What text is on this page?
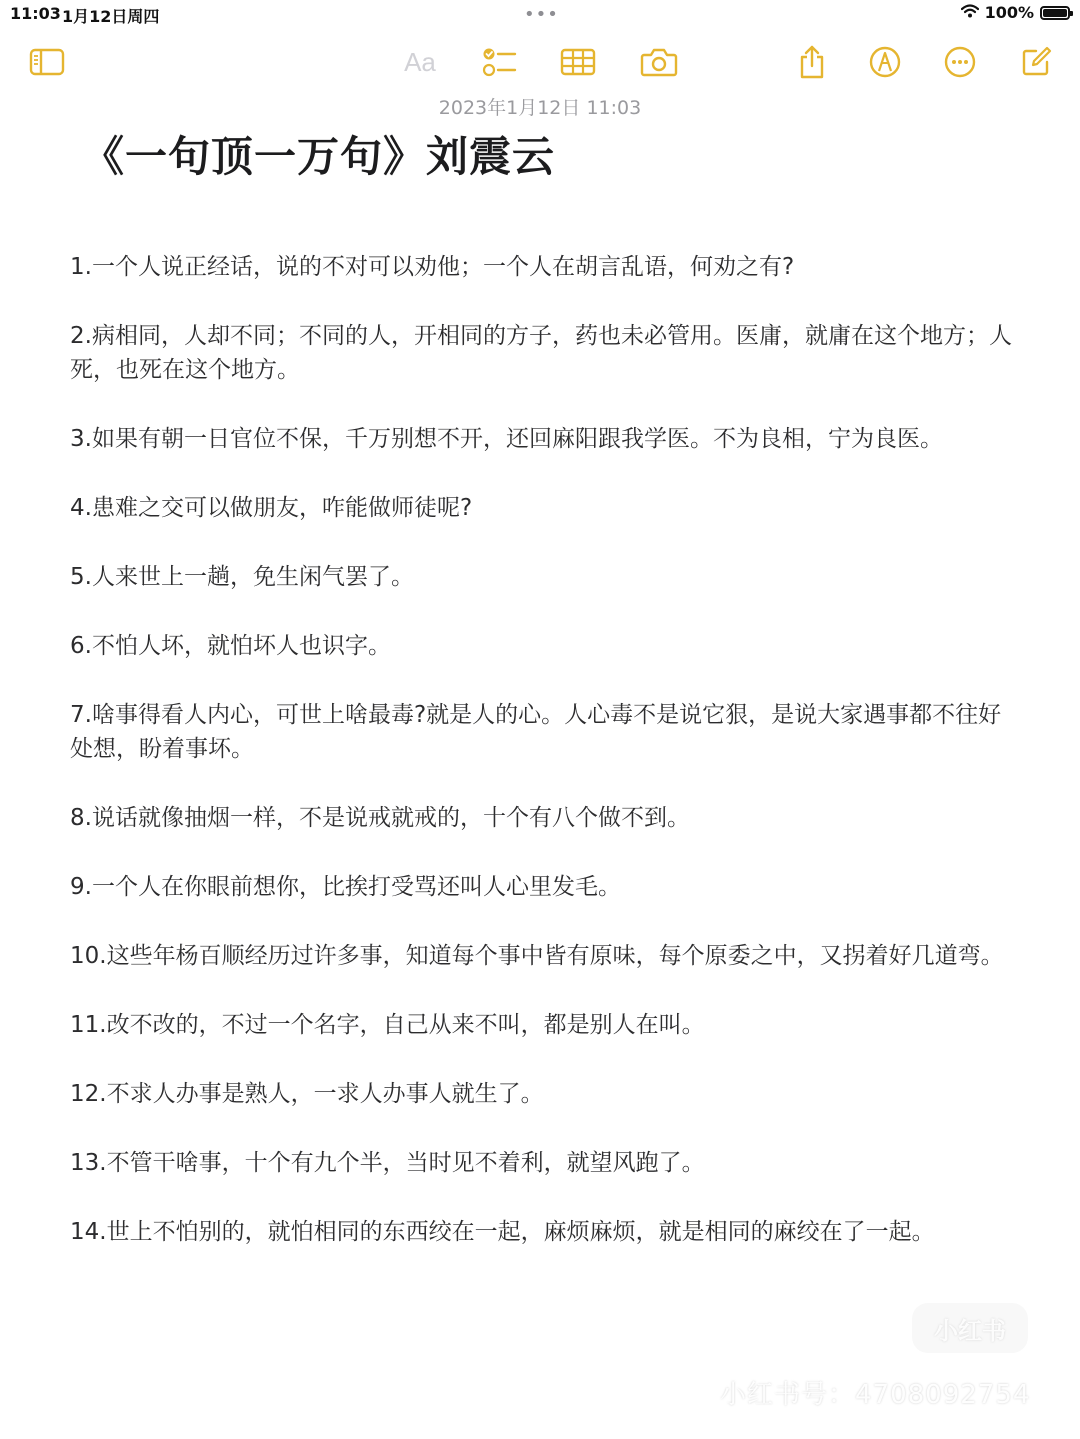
11:03 1月12日周四	•••	100%
Aa
2023年1月12日 11:03
《一句顶一万句》刘震云

1.一个人说正经话，说的不对可以劝他；一个人在胡言乱语，何劝之有?

2.病相同，人却不同；不同的人，开相同的方子，药也未必管用。医庸，就庸在这个地方；人死，也死在这个地方。

3.如果有朝一日官位不保，千万别想不开，还回麻阳跟我学医。不为良相，宁为良医。

4.患难之交可以做朋友，咋能做师徒呢?

5.人来世上一趟，免生闲气罢了。

6.不怕人坏，就怕坏人也识字。

7.啥事得看人内心，可世上啥最毒?就是人的心。人心毒不是说它狠，是说大家遇事都不往好处想，盼着事坏。

8.说话就像抽烟一样，不是说戒就戒的，十个有八个做不到。

9.一个人在你眼前想你，比挨打受骂还叫人心里发毛。

10.这些年杨百顺经历过许多事，知道每个事中皆有原味，每个原委之中，又拐着好几道弯。

11.改不改的，不过一个名字，自己从来不叫，都是别人在叫。

12.不求人办事是熟人，一求人办事人就生了。

13.不管干啥事，十个有九个半，当时见不着利，就望风跑了。

14.世上不怕别的，就怕相同的东西绞在一起，麻烦麻烦，就是相同的麻绞在了一起。

小红书
小红书号：4708092754
